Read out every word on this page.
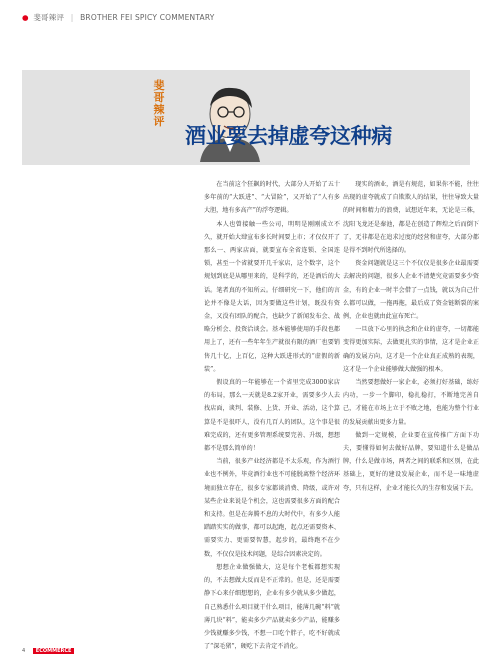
● 斐哥辣评 | BROTHER FEI SPICY COMMENTARY
斐
哥
辣
评
酒业要去掉虚夸这种病

在当前这个狂飙的时代，大部分人开始了五十多年前的“大跃进”、“大冒险”，又开始了“人有多大胆，地有多高产”的浮夸逻辑。

本人也曾接触一些公司，明明是刚刚成立不久，就开始大肆宣布多长时间要上市；才仅仅开了那么一、两家店面，就要宣布全省连锁、全国连锁，甚至一个省就要开几千家店，这个数字，这个规划到底是从哪里来的，是科学的，还是酒后的大话。笔者真的不知所云。仔细研究一下，他们的言论并不像是大话，因为要做这些计划，既没有资金，又没有团队的配合，也缺少了新闻发布会、战略分析会、投资洽谈会。基本能够使用的手段也都用上了，还有一些年年生产就很有限的酒厂也要销售几十亿，上百亿，这种大跃进形式的“虚假的新装”。

假设真的一年能够在一个省里完成3000家店的布局，那么一天就是8.2家开业，需要多少人去找店面，谈判、装修、上货、开业、活动，这个算算是不是很吓人，没有几百人的团队，这个事是很难完成的，还有更多管理系统要完善、升级，想想都不是那么简单的！

当前，很多产业经济都是不太乐观，作为酒行业也不例外，毕竟酒行业也不可能脱离整个经济环境而独立存在，很多专家都谈消费、降级，或许对某些企业来说是个机会，这也需要很多方面的配合和支持。但是在奔腾不息的大时代中，有多少人能踏踏实实的做事，都可以起跑，起点还需要资本、需要实力、更需要智慧，起步的，最终跑不在少数，不仅仅是技术问题，是综合因素决定的。

想想企业做强做大，这是每个老板都想实现的，不去想做大反而是不正常的。但是，还是需要静下心来仔细想想的，企业有多少就从多少做起，自己熟悉什么项目就干什么项目，能薄几碗“料”就薄几块“料”，能卖多少产品就卖多少产品，能赚多少钱就赚多少钱，不想一口吃个胖子，吃不好就成了“深毛猪”，硬吃下去肯定不消化。

现实的酒业，酒是有规范，如果你不能，往往出现的虚夸就成了自欺欺人的结果，往往导致大量的时间和精力的浪费，试想近年来，无论是三株，沈阳飞龙还是秦池，都是在创造了辉煌之后而倒下了，无非都是在追求过度的经营和虚夸，大部分都是得不到时代所选择的。

资金问题就是这三个不仅仅是很多企业最需要去解决的问题，很多人企业不清楚究竟需要多少资金，有的企业一时半会借了一点钱，就以为自己什么都可以做，一拖再拖，最后成了资金链断裂的案例，企业也就由此宣布死亡。

一旦放下心里的执念和企业的虚夸，一切都能变得更加实际，去做更扎实的事情，这才是企业正确的发展方向，这才是一个企业真正成熟的表现，这才是一个企业能够做大做强的根本。

当然要想做好一家企业，必须打好基础，练好内功，一步一个脚印，稳扎稳打，不断地完善自己，才能在市场上立于不败之地，也能为整个行业的发展贡献出更多力量。

做到一定规模，企业要在宣传推广方面下功夫，要懂得如何去做好品牌，要知道什么是做品牌，什么是做市场，两者之间的联系和区别，在此基础上，更好的建设发展企业，而不是一味地虚夸，只有这样，企业才能长久的生存和发展下去。

4 ECOMMERCE
